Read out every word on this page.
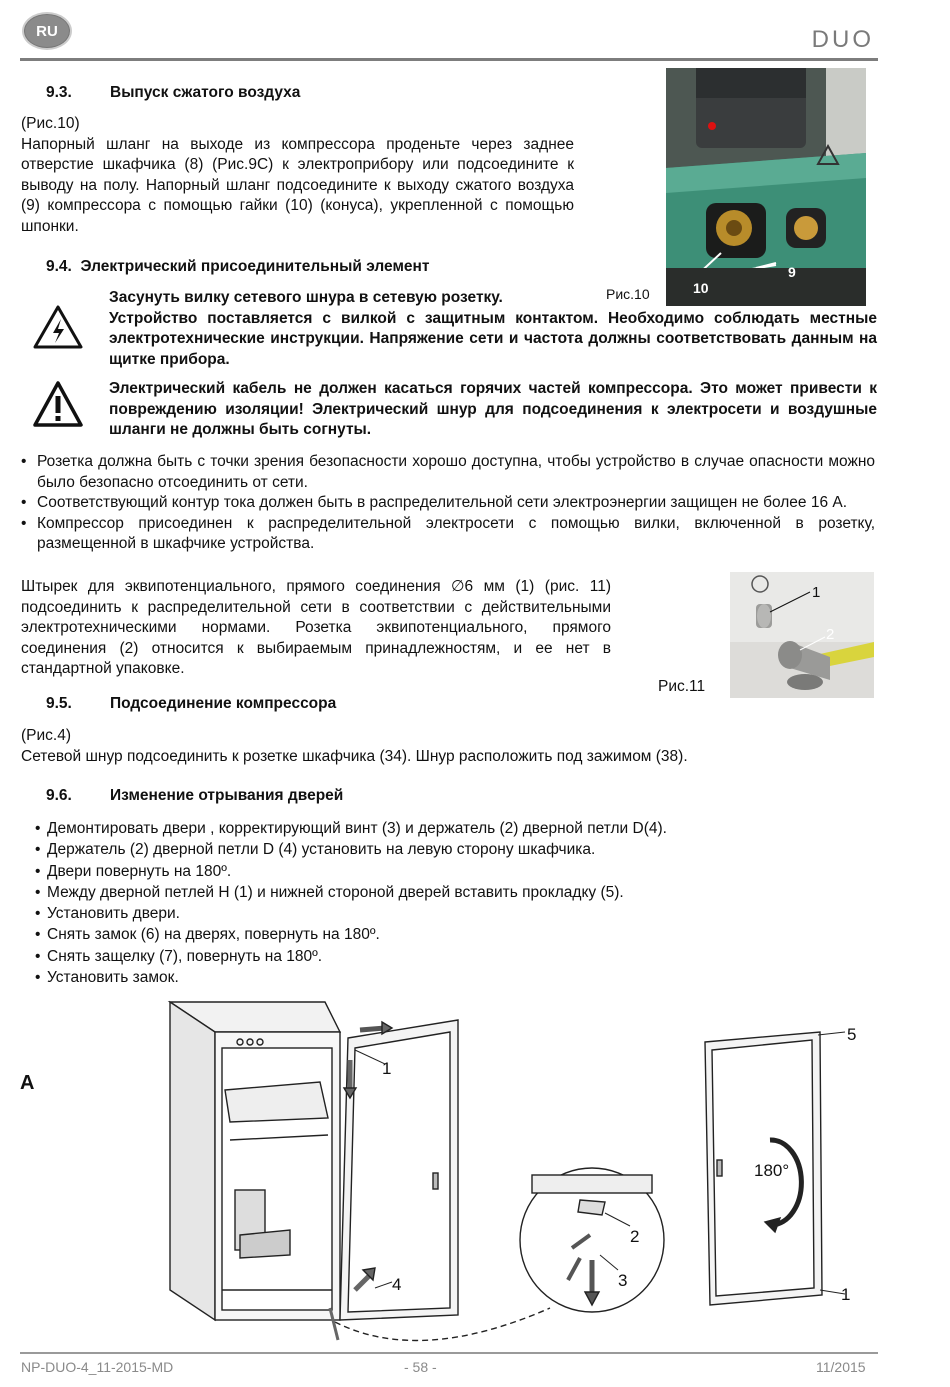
RU	DUO
9.3. Выпуск сжатого воздуха
(Рис.10)
Напорный шланг на выходе из компрессора проденьте через заднее отверстие шкафчика (8) (Рис.9C) к электроприбору или подсоедините к выводу на полу. Напорный шланг подсоедините к выходу сжатого воздуха (9) компрессора с помощью гайки (10) (конуса), укрепленной с помощью шпонки.
10
9
Рис.10
9.4. Электрический присоединительный элемент
Засунуть вилку сетевого шнура в сетевую розетку.
Устройство поставляется с вилкой с защитным контактом. Необходимо соблюдать местные электротехнические инструкции. Напряжение сети и частота должны соответствовать данным на щитке прибора.
Электрический кабель не должен касаться горячих частей компрессора. Это может привести к повреждению изоляции! Электрический шнур для подсоединения к электросети и воздушные шланги не должны быть согнуты.
• Розетка должна быть с точки зрения безопасности хорошо доступна, чтобы устройство в случае опасности можно было безопасно отсоединить от сети.
• Соответствующий контур тока должен быть в распределительной сети электроэнергии защищен не более 16 A.
• Компрессор присоединен к распределительной электросети с помощью вилки, включенной в розетку, размещенной в шкафчике устройства.
Штырек для эквипотенциального, прямого соединения ∅6 мм (1) (рис. 11) подсоединить к распределительной сети в соответствии с действительными электротехническими нормами. Розетка эквипотенциального, прямого соединения (2) относится к выбираемым принадлежностям, и ее нет в стандартной упаковке.
1
2
Рис.11
9.5. Подсоединение компрессора
(Рис.4)
Сетевой шнур подсоединить к розетке шкафчика (34). Шнур расположить под зажимом (38).
9.6. Изменение отрывания дверей
• Демонтировать двери , корректирующий винт (3) и держатель (2) дверной петли D(4).
• Держатель (2) дверной петли D (4) установить на левую сторону шкафчика.
• Двери повернуть на 180º.
• Между дверной петлей H (1) и нижней стороной дверей вставить прокладку (5).
• Установить двери.
• Снять замок (6) на дверях, повернуть на 180º.
• Снять защелку (7), повернуть на 180º.
• Установить замок.
A
1
4
2
3
5
1
180°
NP-DUO-4_11-2015-MD	- 58 -	11/2015
